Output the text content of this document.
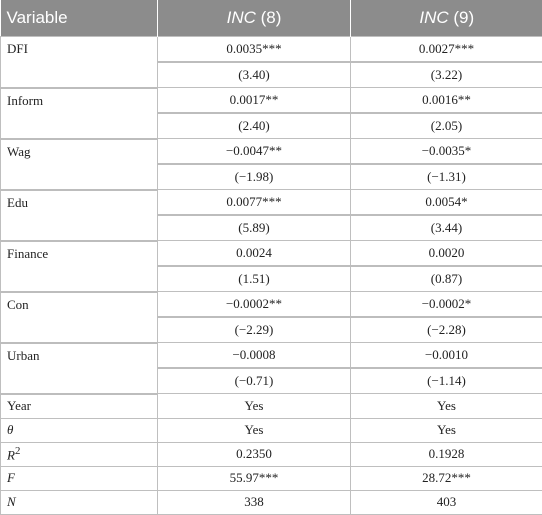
Variable	INC (8)	INC (9)
DFI	0.0035***	0.0027***
	(3.40)	(3.22)
Inform	0.0017**	0.0016**
	(2.40)	(2.05)
Wag	−0.0047**	−0.0035*
	(−1.98)	(−1.31)
Edu	0.0077***	0.0054*
	(5.89)	(3.44)
Finance	0.0024	0.0020
	(1.51)	(0.87)
Con	−0.0002**	−0.0002*
	(−2.29)	(−2.28)
Urban	−0.0008	−0.0010
	(−0.71)	(−1.14)
Year	Yes	Yes
θ	Yes	Yes
$R^2$	0.2350	0.1928
F	55.97***	28.72***
N	338	403
